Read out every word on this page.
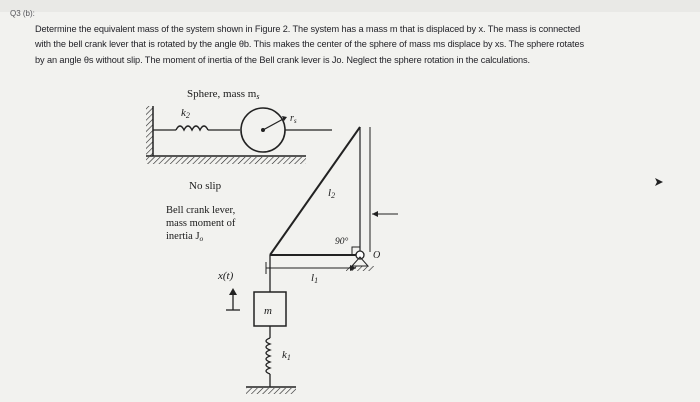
Q3 (b):
Determine the equivalent mass of the system shown in Figure 2. The system has a mass m that is displaced by x. The mass is connected
with the bell crank lever that is rotated by the angle θb. This makes the center of the sphere of mass ms displace by xs. The sphere rotates
by an angle θs without slip. The moment of inertia of the Bell crank lever is Jo. Neglect the sphere rotation in the calculations.
Sphere, mass ms
k2	$r_s$
No slip
Bell crank lever,
mass moment of
inertia Jo
l2
l1
90°
O
x(t)
m
k1
